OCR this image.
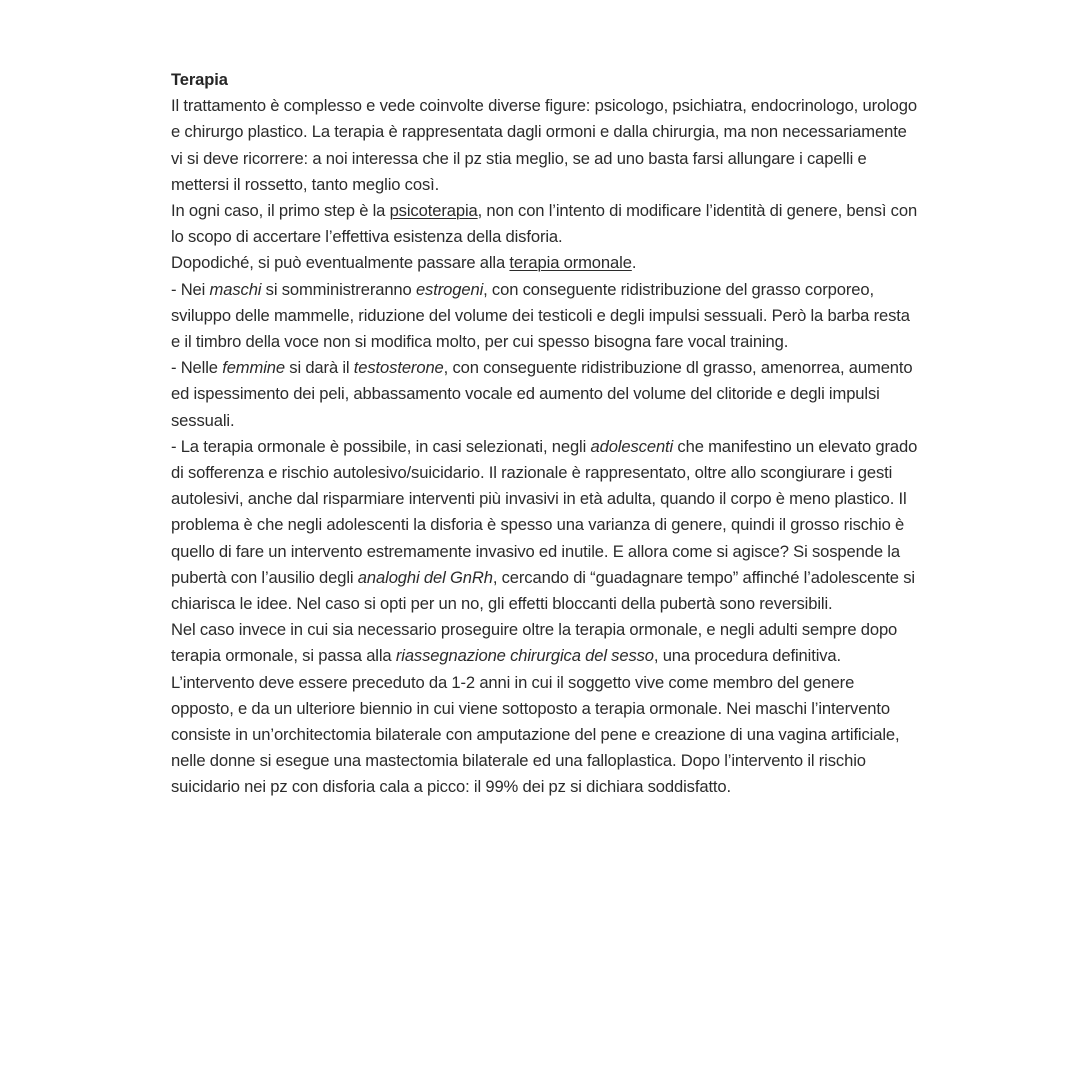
Terapia

Il trattamento è complesso e vede coinvolte diverse figure: psicologo, psichiatra, endocrinologo, urologo e chirurgo plastico. La terapia è rappresentata dagli ormoni e dalla chirurgia, ma non necessariamente vi si deve ricorrere: a noi interessa che il pz stia meglio, se ad uno basta farsi allungare i capelli e mettersi il rossetto, tanto meglio così.

In ogni caso, il primo step è la psicoterapia, non con l’intento di modificare l’identità di genere, bensì con lo scopo di accertare l’effettiva esistenza della disforia.

Dopodiché, si può eventualmente passare alla terapia ormonale.

- Nei maschi si somministreranno estrogeni, con conseguente ridistribuzione del grasso corporeo, sviluppo delle mammelle, riduzione del volume dei testicoli e degli impulsi sessuali. Però la barba resta e il timbro della voce non si modifica molto, per cui spesso bisogna fare vocal training.

- Nelle femmine si darà il testosterone, con conseguente ridistribuzione dl grasso, amenorrea, aumento ed ispessimento dei peli, abbassamento vocale ed aumento del volume del clitoride e degli impulsi sessuali.

- La terapia ormonale è possibile, in casi selezionati, negli adolescenti che manifestino un elevato grado di sofferenza e rischio autolesivo/suicidario. Il razionale è rappresentato, oltre allo scongiurare i gesti autolesivi, anche dal risparmiare interventi più invasivi in età adulta, quando il corpo è meno plastico. Il problema è che negli adolescenti la disforia è spesso una varianza di genere, quindi il grosso rischio è quello di fare un intervento estremamente invasivo ed inutile. E allora come si agisce? Si sospende la pubertà con l’ausilio degli analoghi del GnRh, cercando di “guadagnare tempo” affinché l’adolescente si chiarisca le idee. Nel caso si opti per un no, gli effetti bloccanti della pubertà sono reversibili.

Nel caso invece in cui sia necessario proseguire oltre la terapia ormonale, e negli adulti sempre dopo terapia ormonale, si passa alla riassegnazione chirurgica del sesso, una procedura definitiva. L’intervento deve essere preceduto da 1-2 anni in cui il soggetto vive come membro del genere opposto, e da un ulteriore biennio in cui viene sottoposto a terapia ormonale. Nei maschi l’intervento consiste in un’orchitectomia bilaterale con amputazione del pene e creazione di una vagina artificiale, nelle donne si esegue una mastectomia bilaterale ed una falloplastica. Dopo l’intervento il rischio suicidario nei pz con disforia cala a picco: il 99% dei pz si dichiara soddisfatto.
